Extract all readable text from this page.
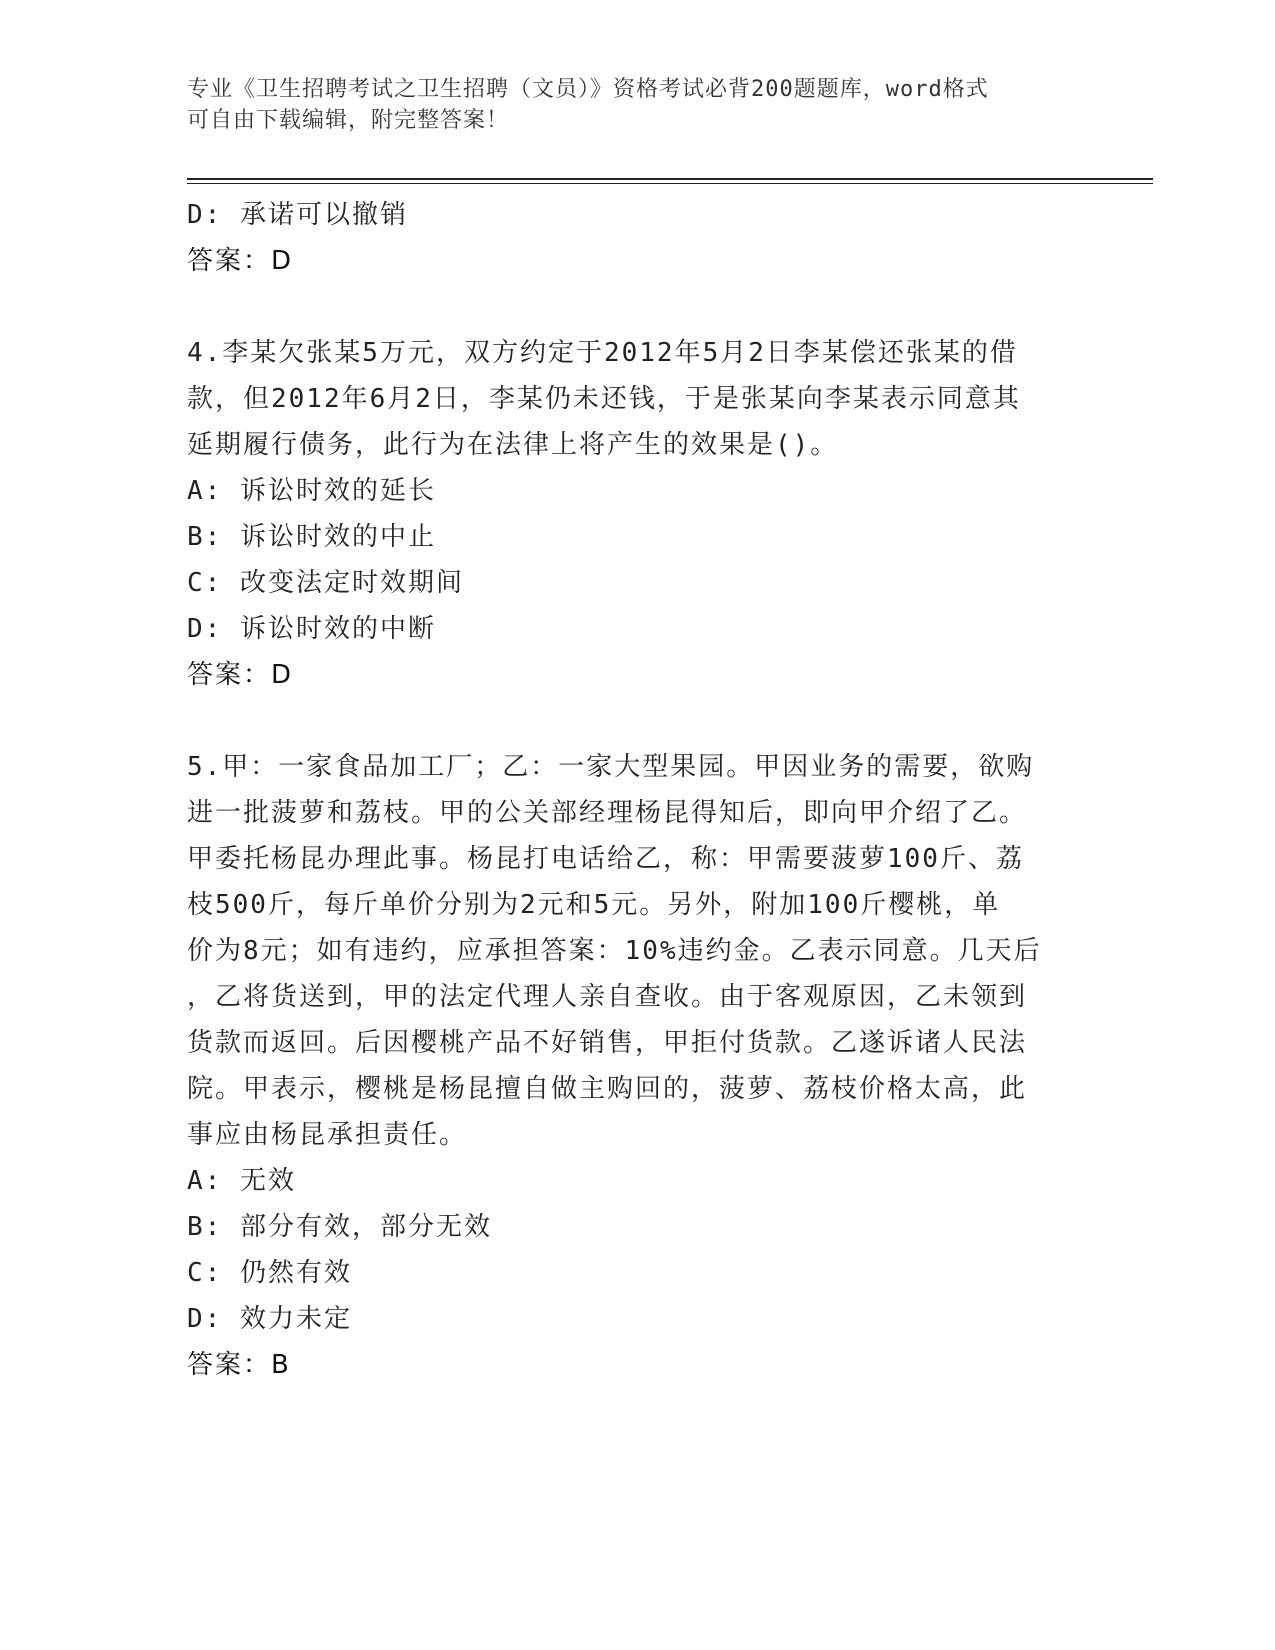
专业《卫生招聘考试之卫生招聘（文员）》资格考试必背200题题库，word格式
可自由下载编辑，附完整答案！
D: 承诺可以撤销
答案：D
4.李某欠张某5万元，双方约定于2012年5月2日李某偿还张某的借
款，但2012年6月2日，李某仍未还钱，于是张某向李某表示同意其
延期履行债务，此行为在法律上将产生的效果是()。
A: 诉讼时效的延长
B: 诉讼时效的中止
C: 改变法定时效期间
D: 诉讼时效的中断
答案：D
5.甲：一家食品加工厂；乙：一家大型果园。甲因业务的需要，欲购
进一批菠萝和荔枝。甲的公关部经理杨昆得知后，即向甲介绍了乙。
甲委托杨昆办理此事。杨昆打电话给乙，称：甲需要菠萝100斤、荔
枝500斤，每斤单价分别为2元和5元。另外，附加100斤樱桃，单
价为8元；如有违约，应承担答案：10%违约金。乙表示同意。几天后
，乙将货送到，甲的法定代理人亲自查收。由于客观原因，乙未领到
货款而返回。后因樱桃产品不好销售，甲拒付货款。乙遂诉诸人民法
院。甲表示，樱桃是杨昆擅自做主购回的，菠萝、荔枝价格太高，此
事应由杨昆承担责任。
A: 无效
B: 部分有效，部分无效
C: 仍然有效
D: 效力未定
答案：B
